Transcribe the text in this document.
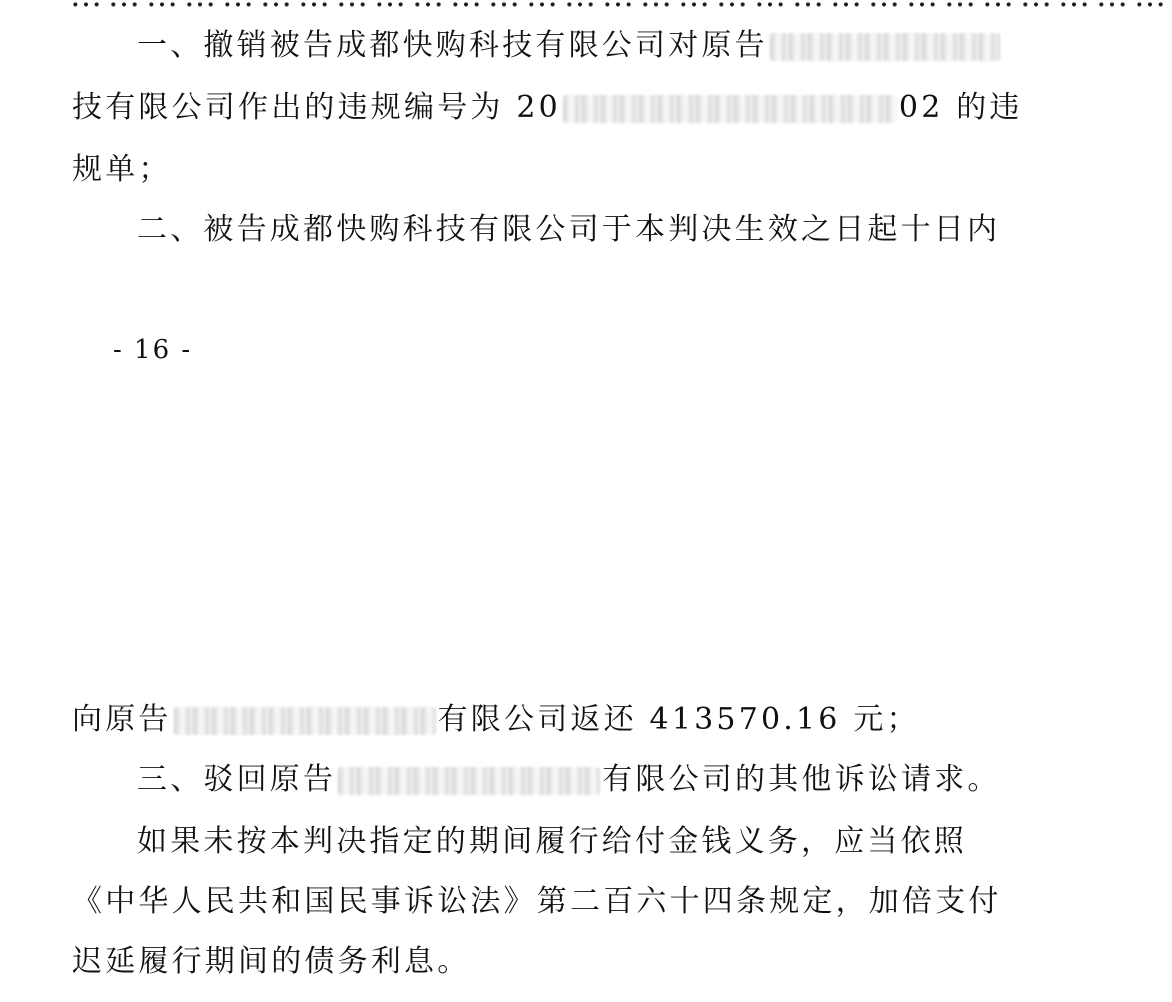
一、撤销被告成都快购科技有限公司对原告
技有限公司作出的违规编号为 20	02 的违
规单；
二、被告成都快购科技有限公司于本判决生效之日起十日内
- 16 -
向原告	有限公司返还 413570.16 元；
三、驳回原告	有限公司的其他诉讼请求。
如果未按本判决指定的期间履行给付金钱义务，应当依照
《中华人民共和国民事诉讼法》第二百六十四条规定，加倍支付
迟延履行期间的债务利息。
